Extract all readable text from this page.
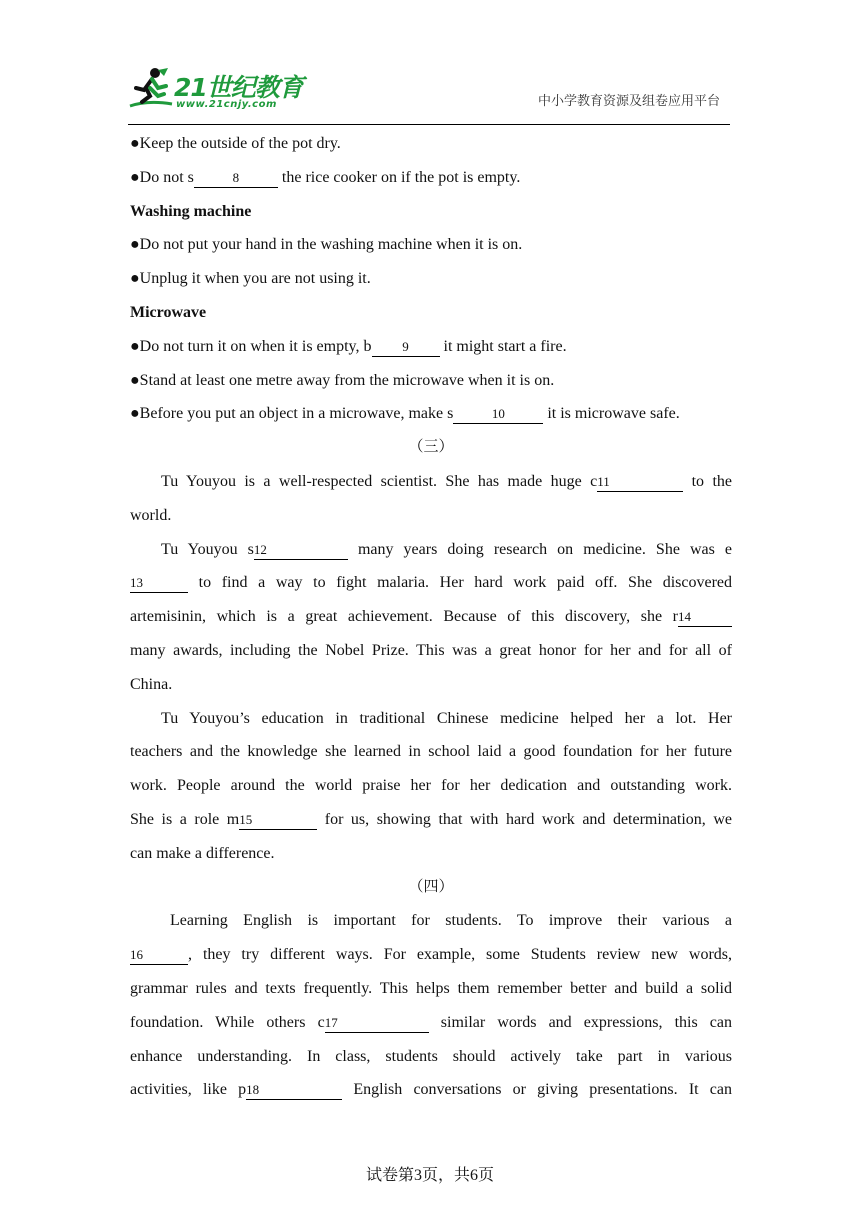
21世纪教育
www.21cnjy.com	中小学教育资源及组卷应用平台
●Keep the outside of the pot dry.
●Do not s	8 the rice cooker on if the pot is empty.
Washing machine
●Do not put your hand in the washing machine when it is on.
●Unplug it when you are not using it.
Microwave
●Do not turn it on when it is empty, b 9 it might start a fire.
●Stand at least one metre away from the microwave when it is on.
●Before you put an object in a microwave, make s	10 it is microwave safe.
（三）
Tu Youyou is a well-respected scientist. She has made huge c11	to the
world.
Tu Youyou s12	many years doing research on medicine. She was e
13	to find a way to fight malaria. Her hard work paid off. She discovered
artemisinin, which is a great achievement. Because of this discovery, she r14
many awards, including the Nobel Prize. This was a great honor for her and for all of
China.
Tu Youyou’s education in traditional Chinese medicine helped her a lot. Her
teachers and the knowledge she learned in school laid a good foundation for her future
work. People around the world praise her for her dedication and outstanding work.
She is a role m15	for us, showing that with hard work and determination, we
can make a difference.
（四）
Learning English is important for students. To improve their various a
16	, they try different ways. For example, some Students review new words,
grammar rules and texts frequently. This helps them remember better and build a solid
foundation. While others c17	similar words and expressions, this can
enhance understanding. In class, students should actively take part in various
activities, like p18	English conversations or giving presentations. It can
试卷第3页，共6页
